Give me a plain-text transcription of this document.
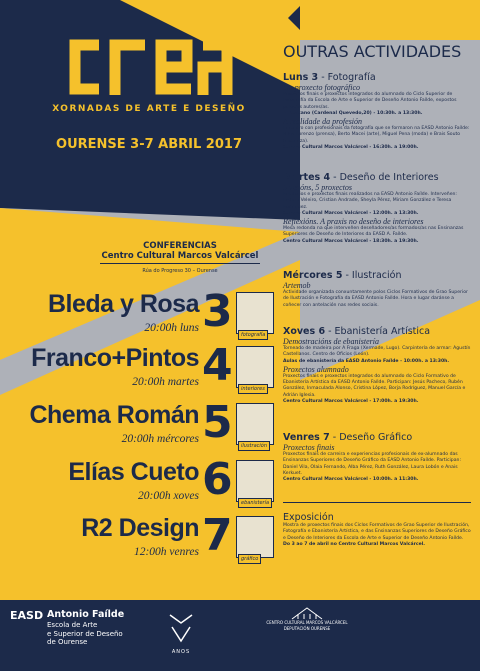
XORNADAS DE ARTE E DESEÑO
OURENSE 3-7 ABRIL 2017
CONFERENCIAS
Centro Cultural Marcos Valcárcel
Rúa do Progreso 30 – Ourense
Bleda y Rosa
20:00h luns 3	fotografía
Franco+Pintos
20:00h martes 4	interiores
Chema Román
20:00h mércores 5	ilustración
Elías Cueto
20:00h xoves 6	ebanistería
R2 Design
12:00h venres 7	gráfico
OUTRAS ACTIVIDADES
Luns 3 - Fotografía
Un proxecto fotográfico
Proxectos finais e proxectos integrados do alumnado do Ciclo Superior de Fotografía da Escola de Arte e Superior de Deseño Antonio Faílde, expostos polos/as autores/as.
El Cercano (Cardenal Quevedo,20) - 10:30h. a 13:30h.
A realidade da profesión
Encontro con profesionais da fotografía que se formaron na EASD Antonio Faílde: Brais Lorenzo (prensa), Berto Macei (arte), Miguel Pena (moda) e Brais Souto (natureza).
Centro Cultural Marcos Valcárcel - 16:30h. a 19:00h.
Martes 4 - Deseño de Interiores
5 visións, 5 proxectos
Relatorios e proxectos finais realizados na EASD Antonio Faílde. Interveñen: Ledicia Veleiro, Cristian Andrade, Sheyla Pérez, Miriam González e Teresa Rodríguez.
Centro Cultural Marcos Valcárcel - 12:00h. a 13:30h.
Reflexións. A praxis no deseño de interiores
Mesa redonda na que interveñen deseñadores/as formados/as nas Ensinanzas Superiores de Deseño de Interiores da EASD A. Faílde.
Centro Cultural Marcos Valcárcel - 18:30h. a 19:30h.
Mércores 5 - Ilustración
Artemob
Actividade organizada conxuntamente polos Ciclos Formativos de Grao Superior de Ilustración e Fotografía da EASD Antonio Faílde. Hora e lugar daránse a coñecer con antelación nas redes sociais.
Xoves 6 - Ebanistería Artística
Demostracións de ebanistería
Torneado de madeira por A Fraga (Xermade, Lugo). Carpintería de armar: Agustín Castellanos. Centro de Oficios (León).
Aulas de ebanistería da EASD Antonio Faílde - 10:00h. a 13:30h.
Proxectos alumnado
Proxectos finais e proxectos integrados do alumnado do Ciclo Formativo de Ebanistería Artística da EASD Antonio Faílde. Participan: Jesús Pacheco, Rubén González, Inmaculada Alonso, Cristina López, Borja Rodríguez, Manuel García e Adrián Iglesia.
Centro Cultural Marcos Valcárcel - 17:00h. a 19:30h.
Venres 7 - Deseño Gráfico
Proxectos finais
Proxectos finais de carreira e experiencias profesionais de ex-alumnado das Ensinanzas Superiores de Deseño Gráfico da EASD Antonio Faílde. Participan: Daniel Vila, Olaia Fernando, Alba Pérez, Ruth González, Laura Lobón e Anais Kerkuet.
Centro Cultural Marcos Valcárcel - 10:00h. a 11:30h.
Exposición
Mostra de proxectos finais dos Ciclos Formativos de Grao Superior de Ilustración, Fotografía e Ebanistería Artística, e das Ensinanzas Superiores de Deseño Gráfico e Deseño de Interiores da Escola de Arte e Superior de Deseño Antonio Faílde.
Do 3 ao 7 de abril no Centro Cultural Marcos Valcárcel.
EASD Antonio Faílde
Escola de Arte
e Superior de Deseño
de Ourense
ANOS
CENTRO CULTURAL MARCOS VALCÁRCEL
DEPUTACIÓN OURENSE
